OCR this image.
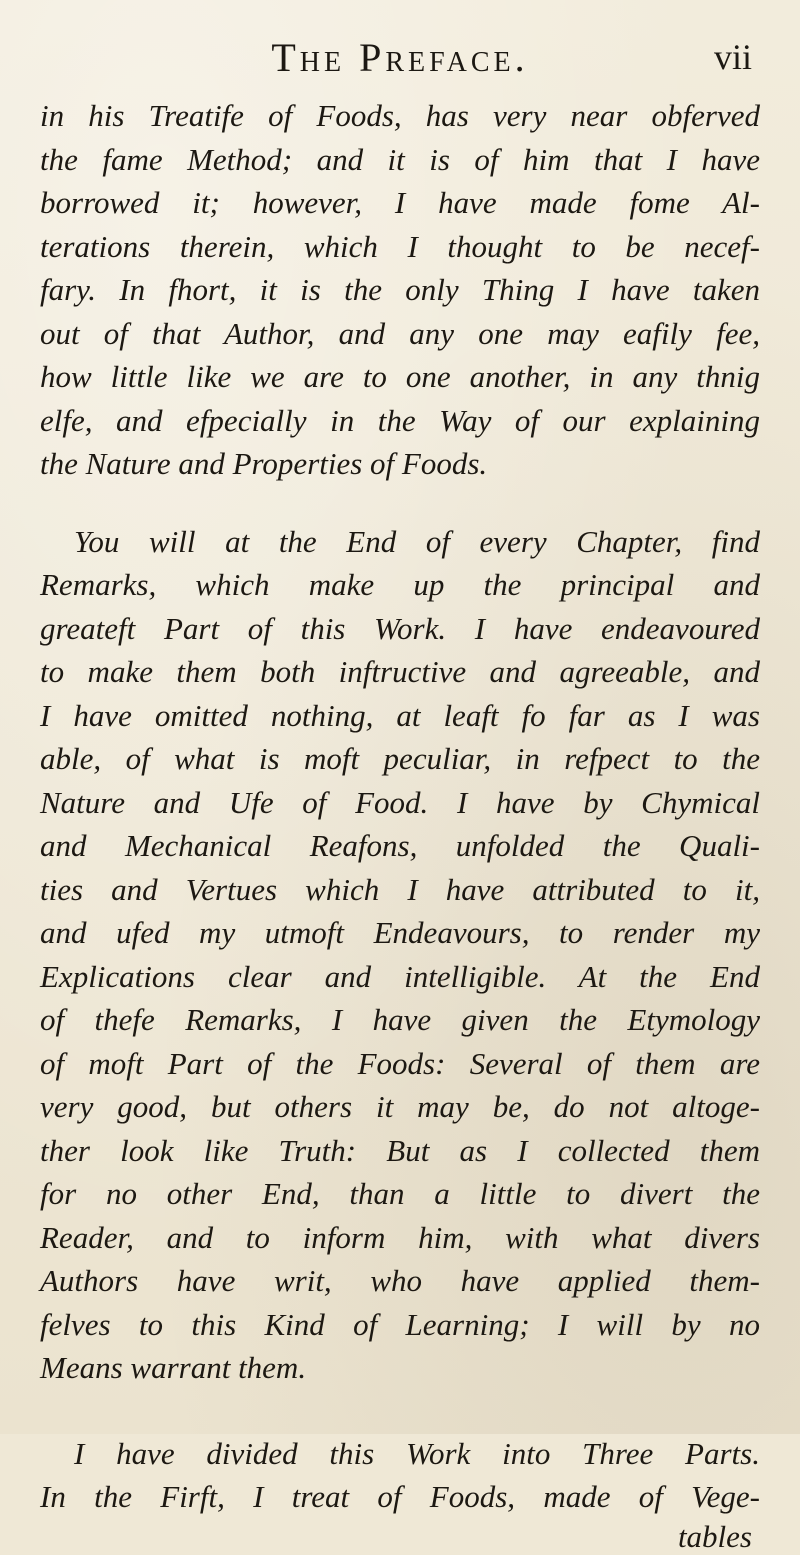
The Preface.	vii
in his Treatife of Foods, has very near obferved
the fame Method; and it is of him that I have
borrowed it; however, I have made fome Al-
terations therein, which I thought to be necef-
fary. In fhort, it is the only Thing I have taken
out of that Author, and any one may eafily fee,
how little like we are to one another, in any thnig
elfe, and efpecially in the Way of our explaining
the Nature and Properties of Foods.
You will at the End of every Chapter, find
Remarks, which make up the principal and
greateft Part of this Work. I have endeavoured
to make them both inftructive and agreeable, and
I have omitted nothing, at leaft fo far as I was
able, of what is moft peculiar, in refpect to the
Nature and Ufe of Food. I have by Chymical
and Mechanical Reafons, unfolded the Quali-
ties and Vertues which I have attributed to it,
and ufed my utmoft Endeavours, to render my
Explications clear and intelligible. At the End
of thefe Remarks, I have given the Etymology
of moft Part of the Foods: Several of them are
very good, but others it may be, do not altoge-
ther look like Truth: But as I collected them
for no other End, than a little to divert the
Reader, and to inform him, with what divers
Authors have writ, who have applied them-
felves to this Kind of Learning; I will by no
Means warrant them.
I have divided this Work into Three Parts.
In the Firft, I treat of Foods, made of Vege-
tables
